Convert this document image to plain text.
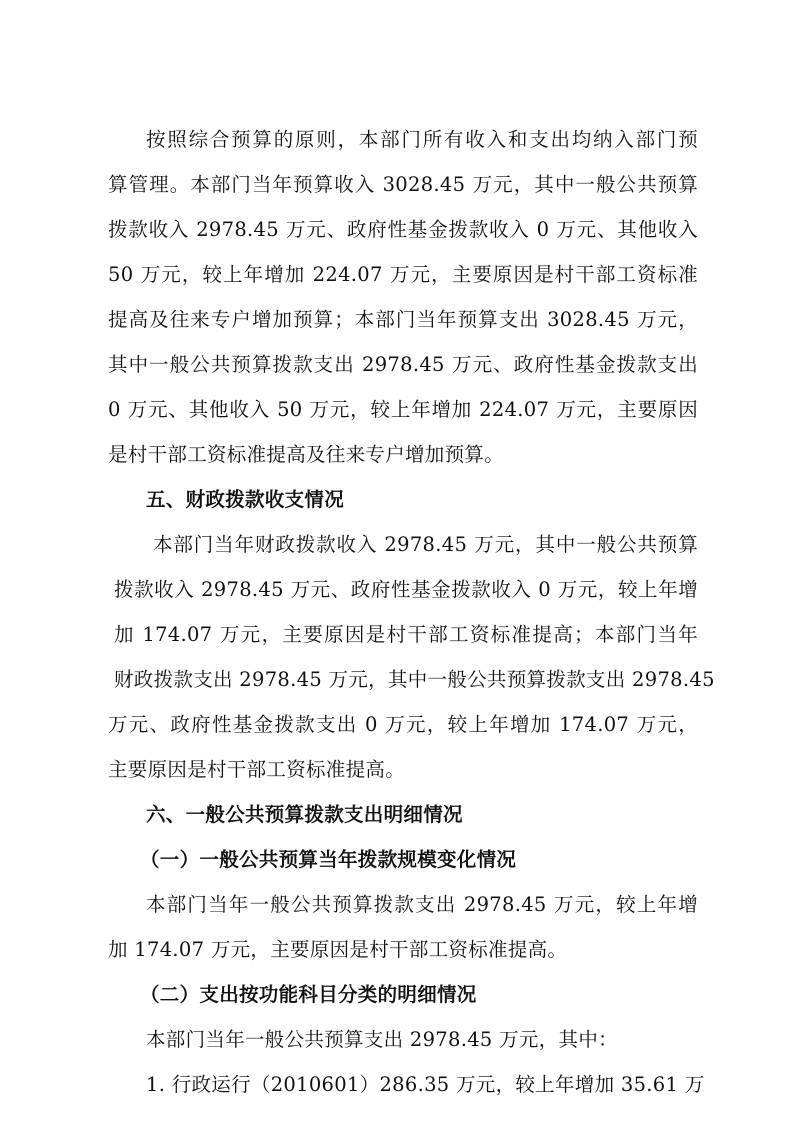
按照综合预算的原则，本部门所有收入和支出均纳入部门预
算管理。本部门当年预算收入 3028.45 万元，其中一般公共预算
拨款收入 2978.45 万元、政府性基金拨款收入 0 万元、其他收入
50 万元，较上年增加 224.07 万元，主要原因是村干部工资标准
提高及往来专户增加预算；本部门当年预算支出 3028.45 万元，
其中一般公共预算拨款支出 2978.45 万元、政府性基金拨款支出
0 万元、其他收入 50 万元，较上年增加 224.07 万元，主要原因
是村干部工资标准提高及往来专户增加预算。
五、财政拨款收支情况
本部门当年财政拨款收入 2978.45 万元，其中一般公共预算
拨款收入 2978.45 万元、政府性基金拨款收入 0 万元，较上年增
加 174.07 万元，主要原因是村干部工资标准提高；本部门当年
财政拨款支出 2978.45 万元，其中一般公共预算拨款支出 2978.45
万元、政府性基金拨款支出 0 万元，较上年增加 174.07 万元，
主要原因是村干部工资标准提高。
六、一般公共预算拨款支出明细情况
（一）一般公共预算当年拨款规模变化情况
本部门当年一般公共预算拨款支出 2978.45 万元，较上年增
加 174.07 万元，主要原因是村干部工资标准提高。
（二）支出按功能科目分类的明细情况
本部门当年一般公共预算支出 2978.45 万元，其中：
1. 行政运行（2010601）286.35 万元，较上年增加 35.61 万
